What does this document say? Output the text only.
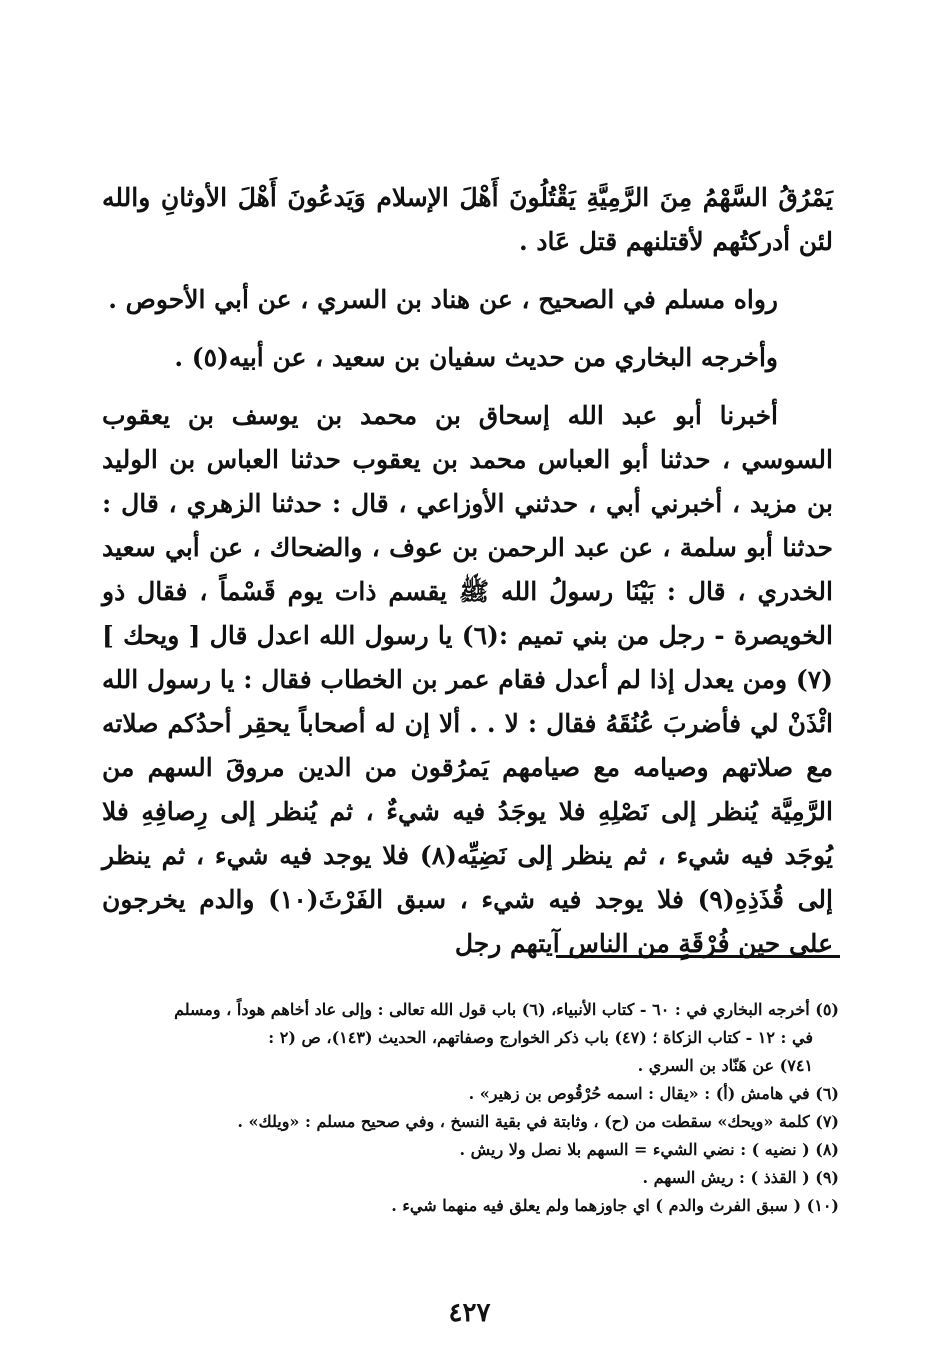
يَمْرُقُ السَّهْمُ مِنَ الرَّمِيَّةِ يَقْتُلُونَ أَهْلَ الإسلام وَيَدعُونَ أَهْلَ الأوثانِ والله لئن أدركتُهم لأقتلنهم قتل عَاد .

رواه مسلم في الصحيح ، عن هناد بن السري ، عن أبي الأحوص .

وأخرجه البخاري من حديث سفيان بن سعيد ، عن أبيه(٥) .

أخبرنا أبو عبد الله إسحاق بن محمد بن يوسف بن يعقوب السوسي ، حدثنا أبو العباس محمد بن يعقوب حدثنا العباس بن الوليد بن مزيد ، أخبرني أبي ، حدثني الأوزاعي ، قال : حدثنا الزهري ، قال : حدثنا أبو سلمة ، عن عبد الرحمن بن عوف ، والضحاك ، عن أبي سعيد الخدري ، قال : بَيْنَا رسولُ الله ﷺ يقسم ذات يوم قَسْماً ، فقال ذو الخويصرة - رجل من بني تميم :(٦) يا رسول الله اعدل قال [ ويحك ](٧) ومن يعدل إذا لم أعدل فقام عمر بن الخطاب فقال : يا رسول الله ائْذَنْ لي فأضربَ عُنُقَهُ فقال : لا . . ألا إن له أصحاباً يحقِر أحدُكم صلاته مع صلاتهم وصيامه مع صيامهم يَمرُقون من الدين مروقَ السهم من الرَّمِيَّة يُنظر إلى نَصْلِهِ فلا يوجَدُ فيه شيءٌ ، ثم يُنظر إلى رِصافِهِ فلا يُوجَد فيه شيء ، ثم ينظر إلى نَضِيِّه(٨) فلا يوجد فيه شيء ، ثم ينظر إلى قُذَذِهِ(٩) فلا يوجد فيه شيء ، سبق الفَرْثَ(١٠) والدم يخرجون على حين فُرْقَةٍ من الناس آيتهم رجل

(٥) أخرجه البخاري في : ٦٠ - كتاب الأنبياء، (٦) باب قول الله تعالى : وإلى عاد أخاهم هوداً ، ومسلم

في : ١٢ - كتاب الزكاة ؛ (٤٧) باب ذكر الخوارج وصفاتهم، الحديث (١٤٣)، ص (٢ :

٧٤١) عن هَنّاد بن السري .

(٦) في هامش (أ) : «يقال : اسمه حُرْقُوص بن زهير» .

(٧) كلمة «ويحك» سقطت من (ح) ، وثابتة في بقية النسخ ، وفي صحيح مسلم : «ويلك» .

(٨) ( نضيه ) : نضي الشيء = السهم بلا نصل ولا ريش .

(٩) ( القذذ ) : ريش السهم .

(١٠) ( سبق الفرث والدم ) اي جاوزهما ولم يعلق فيه منهما شيء .

٤٢٧
